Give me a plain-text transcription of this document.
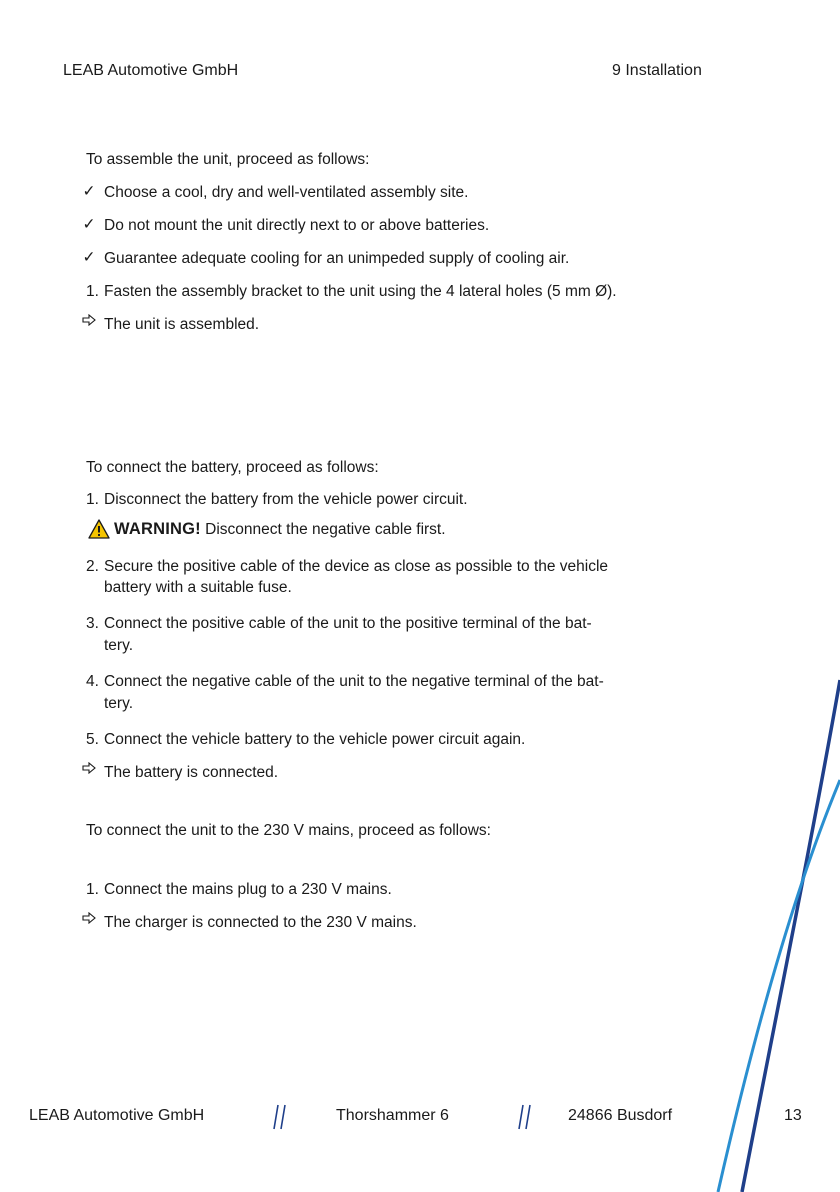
LEAB Automotive GmbH	9 Installation
To assemble the unit, proceed as follows:
✓ Choose a cool, dry and well-ventilated assembly site.
✓ Do not mount the unit directly next to or above batteries.
✓ Guarantee adequate cooling for an unimpeded supply of cooling air.
1. Fasten the assembly bracket to the unit using the 4 lateral holes (5 mm Ø).
The unit is assembled.
To connect the battery, proceed as follows:
1. Disconnect the battery from the vehicle power circuit.
WARNING! Disconnect the negative cable first.
2. Secure the positive cable of the device as close as possible to the vehicle
battery with a suitable fuse.
3. Connect the positive cable of the unit to the positive terminal of the bat-
tery.
4. Connect the negative cable of the unit to the negative terminal of the bat-
tery.
5. Connect the vehicle battery to the vehicle power circuit again.
The battery is connected.
To connect the unit to the 230 V mains, proceed as follows:
1. Connect the mains plug to a 230 V mains.
The charger is connected to the 230 V mains.
LEAB Automotive GmbH	Thorshammer 6	24866 Busdorf	13
